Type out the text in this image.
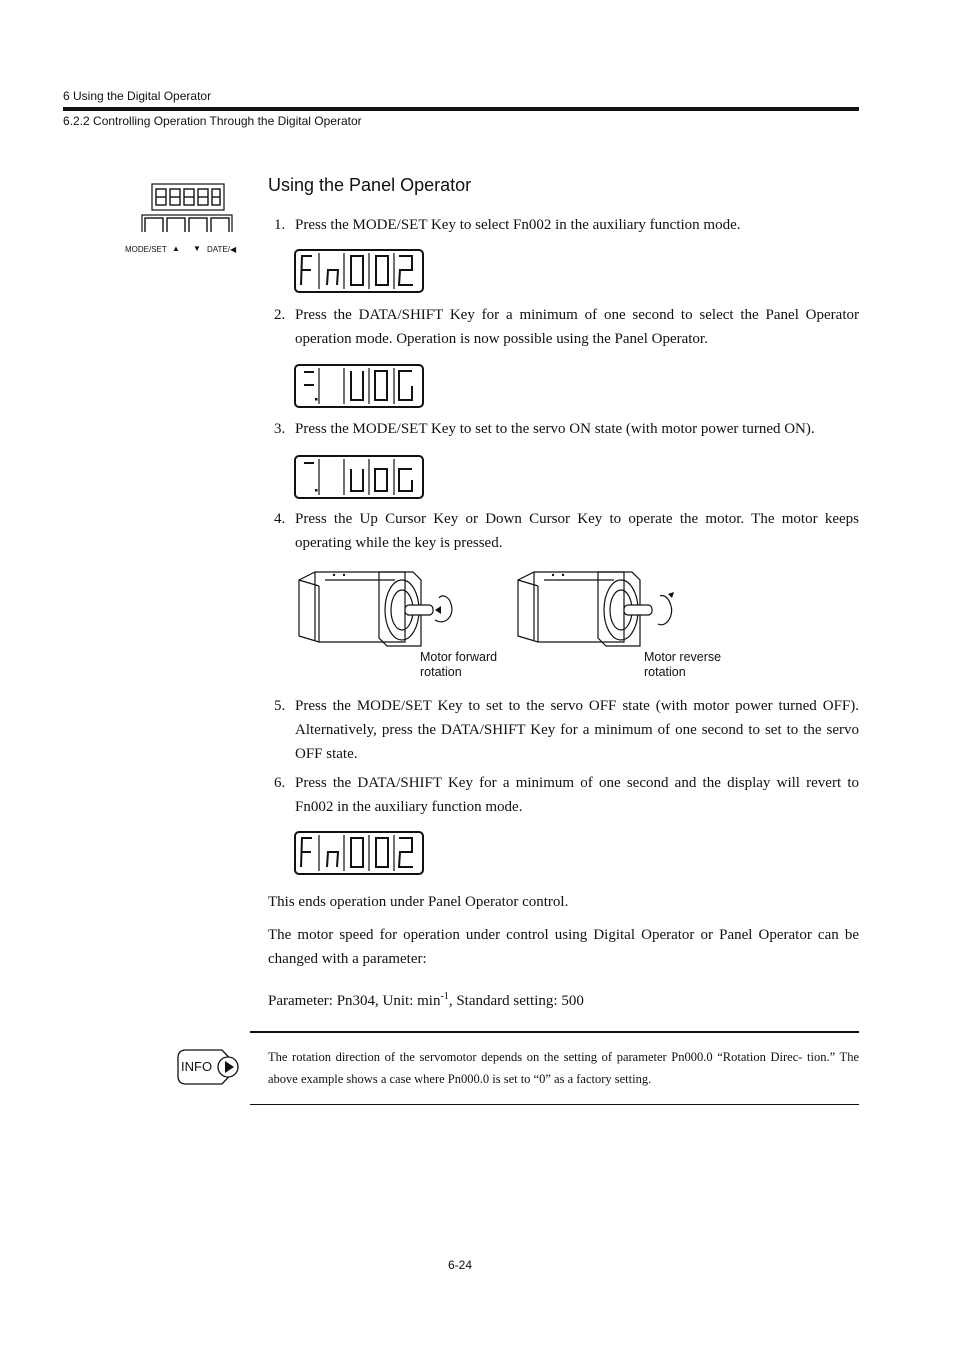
6 Using the Digital Operator
6.2.2 Controlling Operation Through the Digital Operator
MODE/SET ▲ ▼ DATE/◀
Using the Panel Operator
1. Press the MODE/SET Key to select Fn002 in the auxiliary function mode.
2. Press the DATA/SHIFT Key for a minimum of one second to select the Panel Operator operation mode. Operation is now possible using the Panel Operator.
3. Press the MODE/SET Key to set to the servo ON state (with motor power turned ON).
4. Press the Up Cursor Key or Down Cursor Key to operate the motor. The motor keeps operating while the key is pressed.
Motor forward
rotation
Motor reverse
rotation
5. Press the MODE/SET Key to set to the servo OFF state (with motor power turned OFF). Alternatively, press the DATA/SHIFT Key for a minimum of one second to set to the servo OFF state.
6. Press the DATA/SHIFT Key for a minimum of one second and the display will revert to Fn002 in the auxiliary function mode.
This ends operation under Panel Operator control.
The motor speed for operation under control using Digital Operator or Panel Operator can be changed with a parameter:
Parameter: Pn304, Unit: $\min^{-1}$, Standard setting: 500
INFO
The rotation direction of the servomotor depends on the setting of parameter Pn000.0 “Rotation Direc- tion.” The above example shows a case where Pn000.0 is set to “0” as a factory setting.
6-24
